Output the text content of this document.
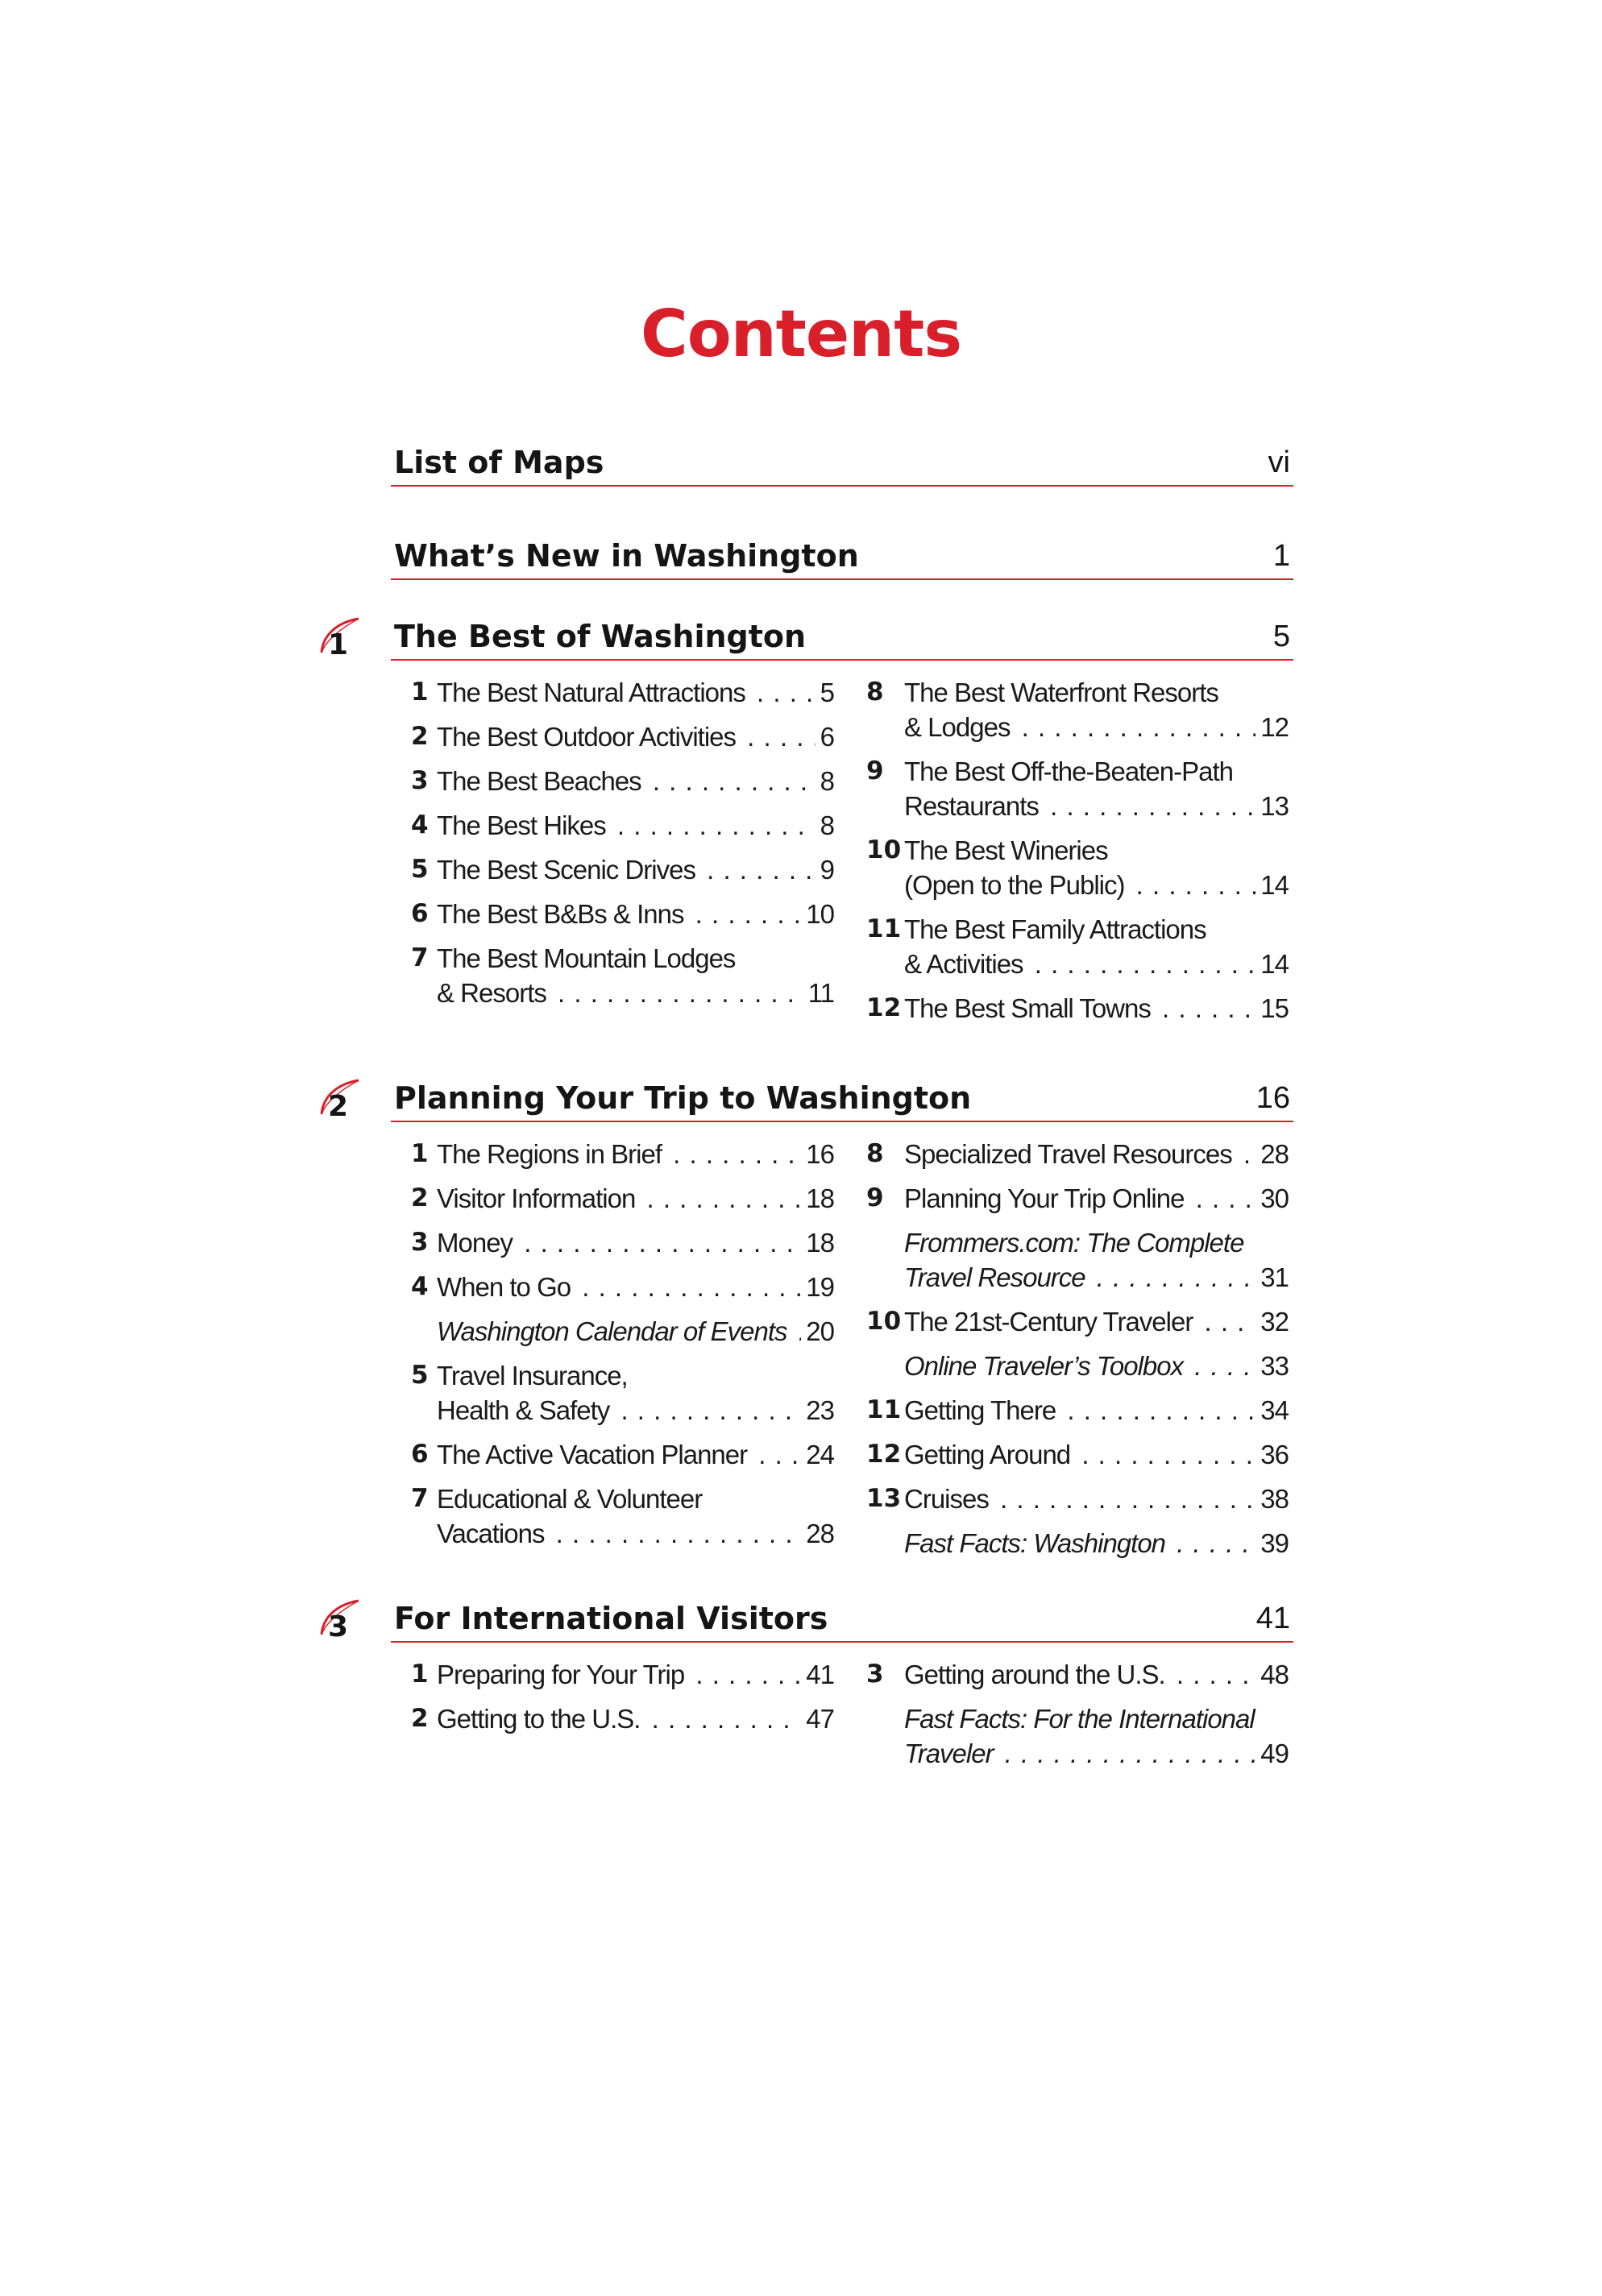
Contents
List of Maps	vi
What’s New in Washington	1
1 The Best of Washington	5
1 The Best Natural Attractions . . .	5
2 The Best Outdoor Activities . . .	6
3 The Best Beaches . . .	8
4 The Best Hikes . . .	8
5 The Best Scenic Drives . . .	9
6 The Best B&Bs & Inns . . .	10
7 The Best Mountain Lodges
& Resorts . . .	11
8 The Best Waterfront Resorts
& Lodges . . .	12
9 The Best Off-the-Beaten-Path
Restaurants . . .	13
10 The Best Wineries
(Open to the Public) . . .	14
11 The Best Family Attractions
& Activities . . .	14
12 The Best Small Towns . . .	15
2 Planning Your Trip to Washington	16
1 The Regions in Brief . . .	16
2 Visitor Information . . .	18
3 Money . . .	18
4 When to Go . . .	19
Washington Calendar of Events . . . 20
5 Travel Insurance,
Health & Safety . . .	23
6 The Active Vacation Planner . . .	24
7 Educational & Volunteer
Vacations . . .	28
8 Specialized Travel Resources . . .	28
9 Planning Your Trip Online . . .	30
Frommers.com: The Complete
Travel Resource . . .	31
10 The 21st-Century Traveler . . .	32
Online Traveler’s Toolbox . . .	33
11 Getting There . . .	34
12 Getting Around . . .	36
13 Cruises . . .	38
Fast Facts: Washington . . .	39
3 For International Visitors	41
1 Preparing for Your Trip . . .	41
2 Getting to the U.S. . . .	47
3 Getting around the U.S. . . .	48
Fast Facts: For the International
Traveler . . .	49
